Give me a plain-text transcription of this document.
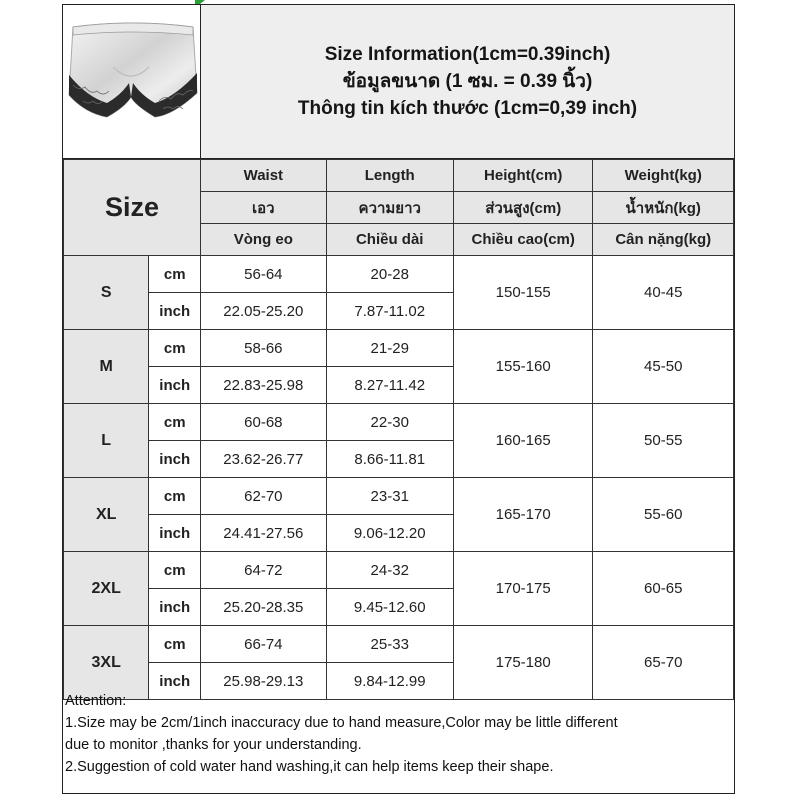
Size Information(1cm=0.39inch)
ข้อมูลขนาด (1 ซม. = 0.39 นิ้ว)
Thông tin kích thước (1cm=0,39 inch)
Size		Waist	Length	Height(cm)	Weight(kg)
		เอว	ความยาว	ส่วนสูง(cm)	น้ำหนัก(kg)
		Vòng eo	Chiều dài	Chiều cao(cm)	Cân nặng(kg)
S	cm	56-64	20-28	150-155	40-45
	inch	22.05-25.20	7.87-11.02		
M	cm	58-66	21-29	155-160	45-50
	inch	22.83-25.98	8.27-11.42		
L	cm	60-68	22-30	160-165	50-55
	inch	23.62-26.77	8.66-11.81		
XL	cm	62-70	23-31	165-170	55-60
	inch	24.41-27.56	9.06-12.20		
2XL	cm	64-72	24-32	170-175	60-65
	inch	25.20-28.35	9.45-12.60		
3XL	cm	66-74	25-33	175-180	65-70
	inch	25.98-29.13	9.84-12.99		
Attention:
1.Size may be 2cm/1inch inaccuracy due to hand measure,Color may be little different
due to monitor ,thanks for your understanding.
2.Suggestion of cold water hand washing,it can help items keep their shape.
